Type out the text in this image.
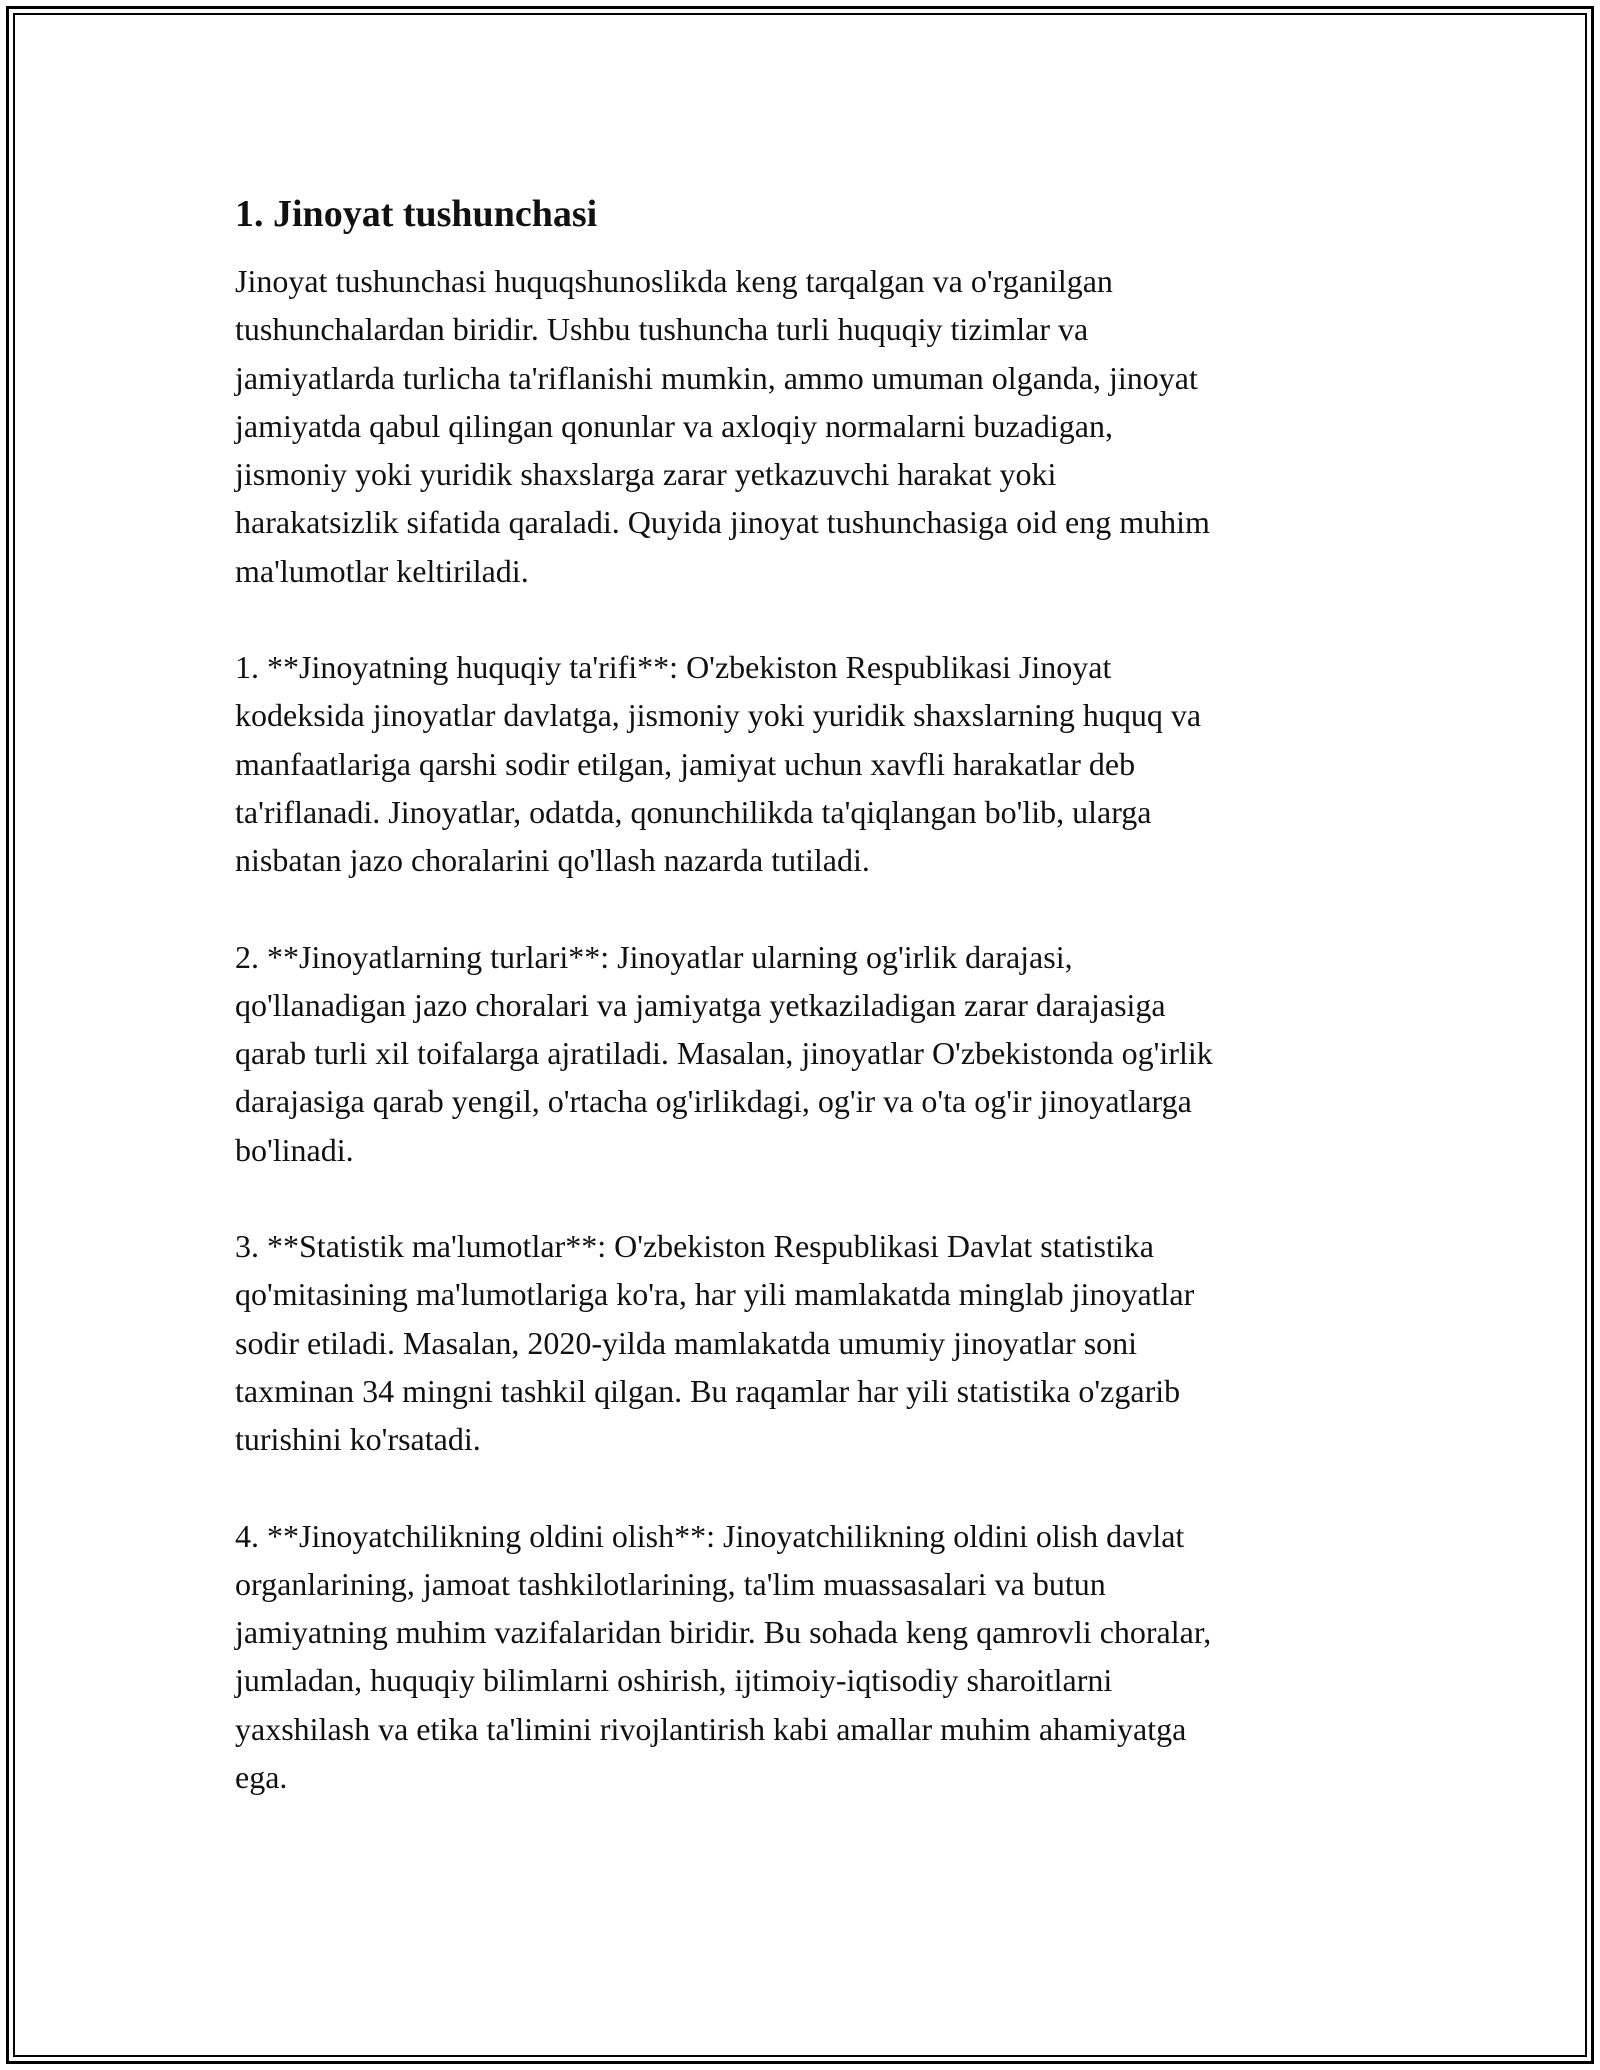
1. Jinoyat tushunchasi

Jinoyat tushunchasi huquqshunoslikda keng tarqalgan va o'rganilgan
tushunchalardan biridir. Ushbu tushuncha turli huquqiy tizimlar va
jamiyatlarda turlicha ta'riflanishi mumkin, ammo umuman olganda, jinoyat
jamiyatda qabul qilingan qonunlar va axloqiy normalarni buzadigan,
jismoniy yoki yuridik shaxslarga zarar yetkazuvchi harakat yoki
harakatsizlik sifatida qaraladi. Quyida jinoyat tushunchasiga oid eng muhim
ma'lumotlar keltiriladi.

1. **Jinoyatning huquqiy ta'rifi**: O'zbekiston Respublikasi Jinoyat
kodeksida jinoyatlar davlatga, jismoniy yoki yuridik shaxslarning huquq va
manfaatlariga qarshi sodir etilgan, jamiyat uchun xavfli harakatlar deb
ta'riflanadi. Jinoyatlar, odatda, qonunchilikda ta'qiqlangan bo'lib, ularga
nisbatan jazo choralarini qo'llash nazarda tutiladi.

2. **Jinoyatlarning turlari**: Jinoyatlar ularning og'irlik darajasi,
qo'llanadigan jazo choralari va jamiyatga yetkaziladigan zarar darajasiga
qarab turli xil toifalarga ajratiladi. Masalan, jinoyatlar O'zbekistonda og'irlik
darajasiga qarab yengil, o'rtacha og'irlikdagi, og'ir va o'ta og'ir jinoyatlarga
bo'linadi.

3. **Statistik ma'lumotlar**: O'zbekiston Respublikasi Davlat statistika
qo'mitasining ma'lumotlariga ko'ra, har yili mamlakatda minglab jinoyatlar
sodir etiladi. Masalan, 2020-yilda mamlakatda umumiy jinoyatlar soni
taxminan 34 mingni tashkil qilgan. Bu raqamlar har yili statistika o'zgarib
turishini ko'rsatadi.

4. **Jinoyatchilikning oldini olish**: Jinoyatchilikning oldini olish davlat
organlarining, jamoat tashkilotlarining, ta'lim muassasalari va butun
jamiyatning muhim vazifalaridan biridir. Bu sohada keng qamrovli choralar,
jumladan, huquqiy bilimlarni oshirish, ijtimoiy-iqtisodiy sharoitlarni
yaxshilash va etika ta'limini rivojlantirish kabi amallar muhim ahamiyatga
ega.
